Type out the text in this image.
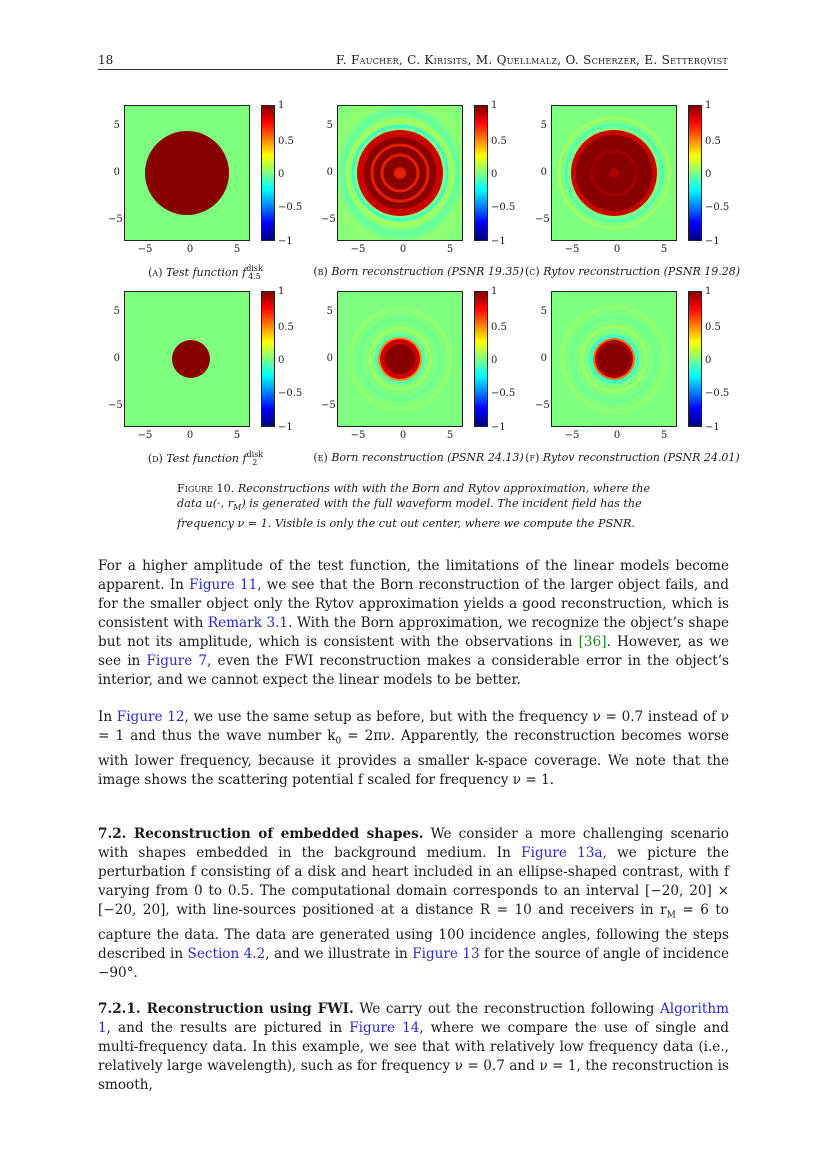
18	F. Faucher, C. Kirisits, M. Quellmalz, O. Scherzer, E. Setterqvist
5
0
−5
−5	0	5
1
0.5
0
−0.5
−1
(a) Test function f disk
4.5
5
0
−5
−5	0	5
1
0.5
0
−0.5
−1
(b) Born reconstruction (PSNR 19.35)
5
0
−5
−5	0	5
1
0.5
0
−0.5
−1
(c) Rytov reconstruction (PSNR 19.28)
5
0
−5
−5	0	5
1
0.5
0
−0.5
−1
(d) Test function f disk
2
5
0
−5
−5	0	5
1
0.5
0
−0.5
−1
(e) Born reconstruction (PSNR 24.13)
5
0
−5
−5	0	5
1
0.5
0
−0.5
−1
(f) Rytov reconstruction (PSNR 24.01)
Figure 10. Reconstructions with with the Born and Rytov approximation, where the data u(·, $r_M$) is generated with the full waveform model. The incident field has the frequency ν = 1. Visible is only the cut out center, where we compute the PSNR.
For a higher amplitude of the test function, the limitations of the linear models become apparent. In Figure 11, we see that the Born reconstruction of the larger object fails, and for the smaller object only the Rytov approximation yields a good reconstruction, which is consistent with Remark 3.1. With the Born approximation, we recognize the object’s shape but not its amplitude, which is consistent with the observations in [36]. However, as we see in Figure 7, even the FWI reconstruction makes a considerable error in the object’s interior, and we cannot expect the linear models to be better.
In Figure 12, we use the same setup as before, but with the frequency ν = 0.7 instead of ν = 1 and thus the wave number $k_0 = 2\pi\nu$. Apparently, the reconstruction becomes worse with lower frequency, because it provides a smaller k-space coverage. We note that the image shows the scattering potential f scaled for frequency ν = 1.
7.2. Reconstruction of embedded shapes. We consider a more challenging scenario with shapes embedded in the background medium. In Figure 13a, we picture the perturbation f consisting of a disk and heart included in an ellipse-shaped contrast, with f varying from 0 to 0.5. The computational domain corresponds to an interval [−20, 20] × [−20, 20], with line-sources positioned at a distance R = 10 and receivers in $r_M = 6$ to capture the data. The data are generated using 100 incidence angles, following the steps described in Section 4.2, and we illustrate in Figure 13 for the source of angle of incidence −90°.
7.2.1. Reconstruction using FWI. We carry out the reconstruction following Algorithm 1, and the results are pictured in Figure 14, where we compare the use of single and multi-frequency data. In this example, we see that with relatively low frequency data (i.e., relatively large wavelength), such as for frequency ν = 0.7 and ν = 1, the reconstruction is smooth,
